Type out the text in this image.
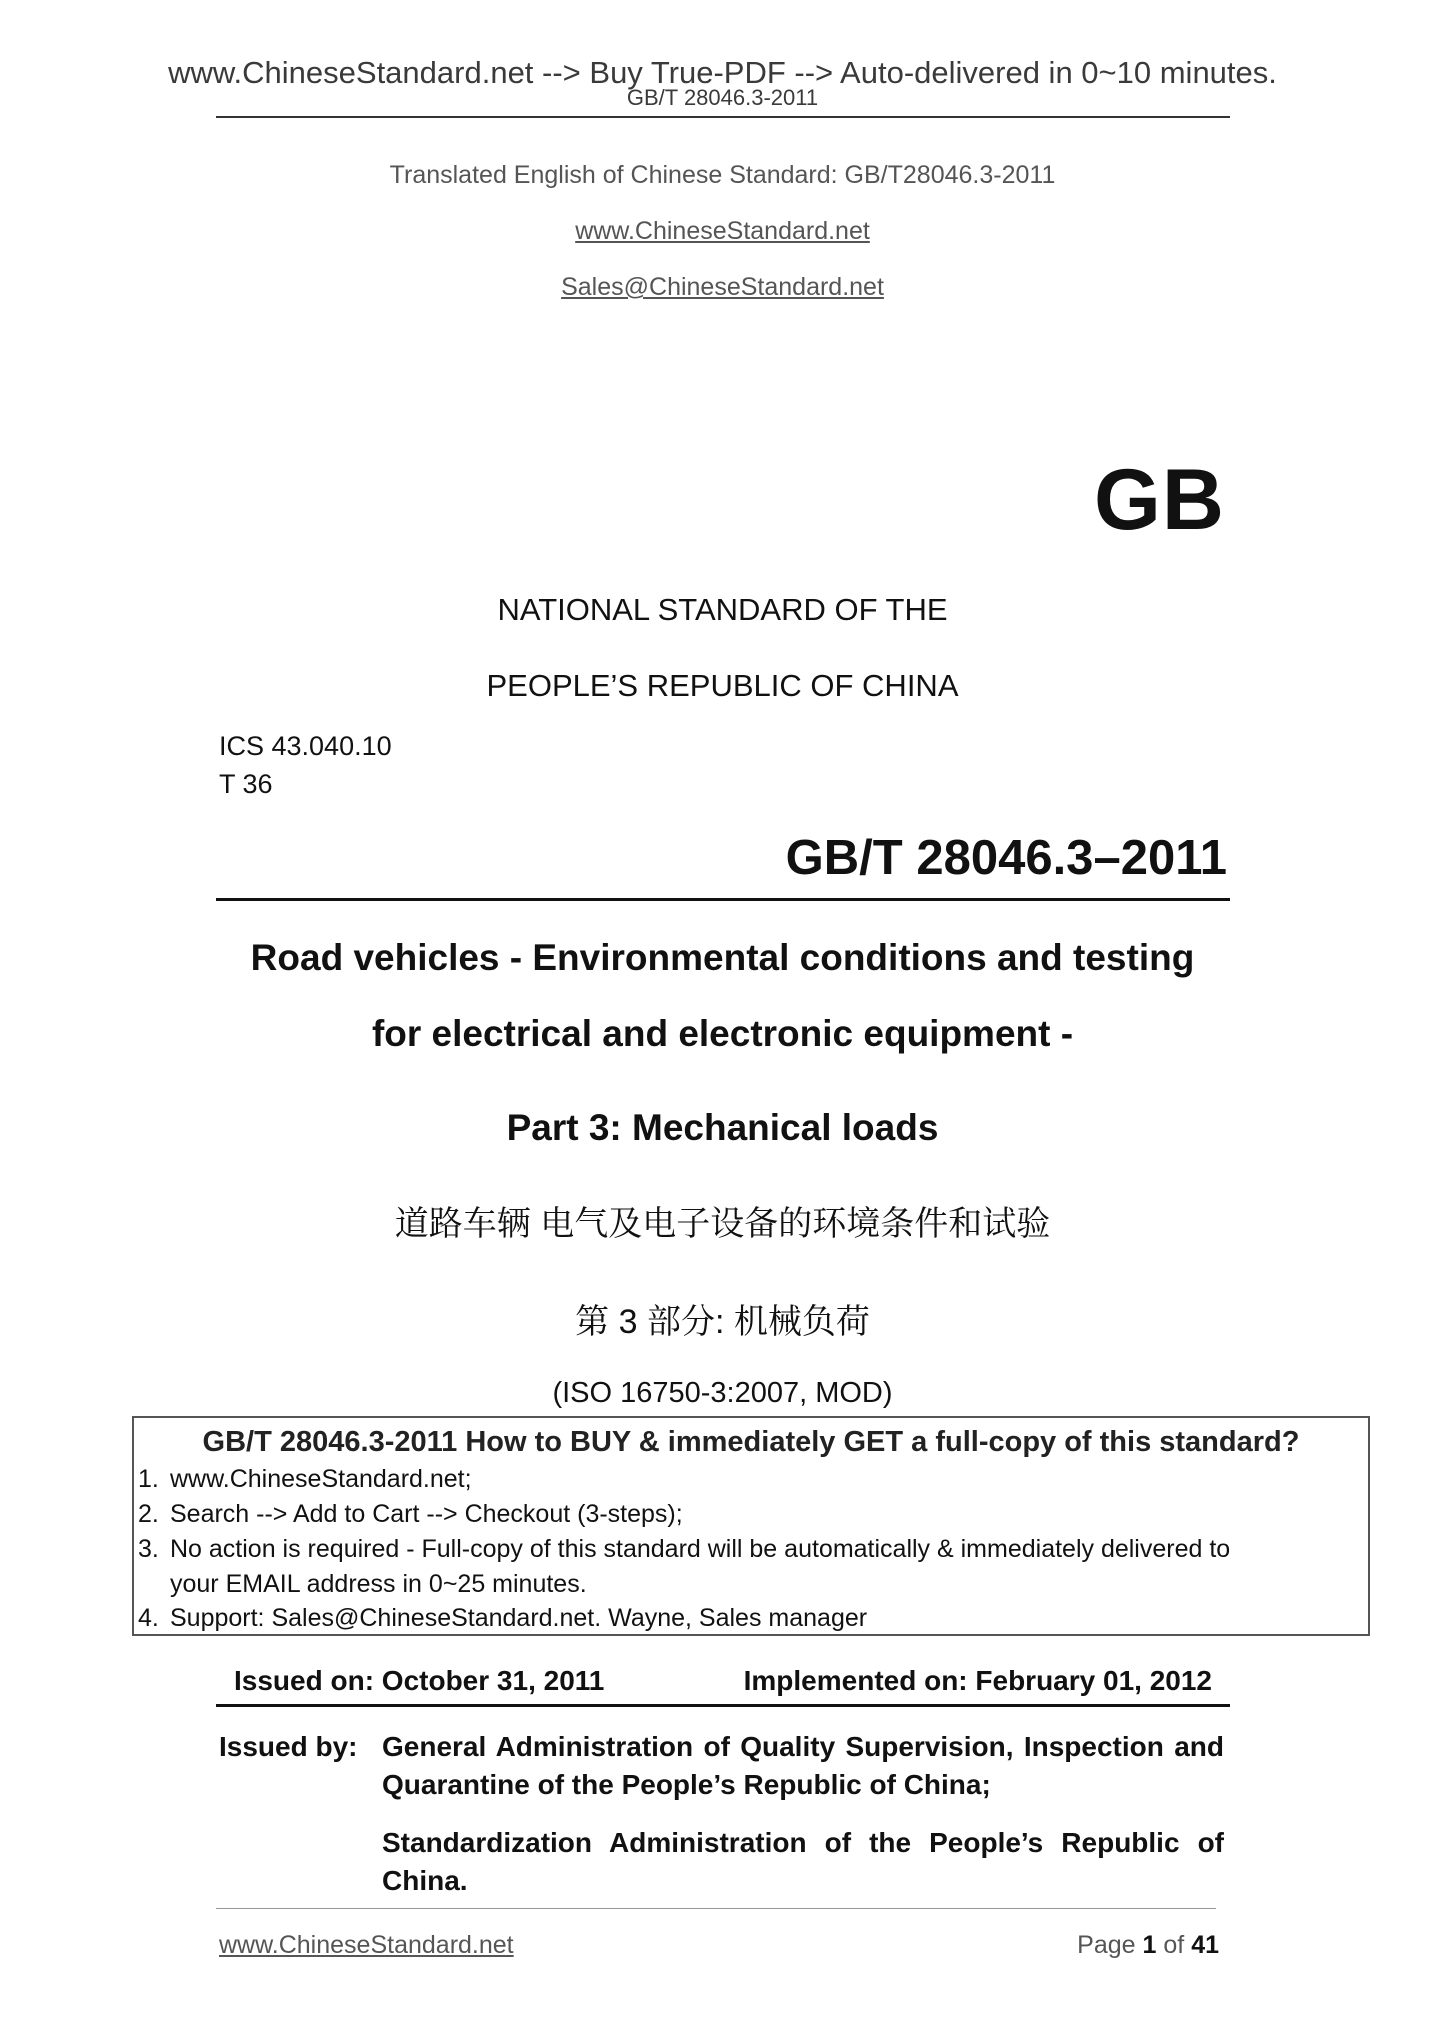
www.ChineseStandard.net --> Buy True-PDF --> Auto-delivered in 0~10 minutes.
GB/T 28046.3-2011
Translated English of Chinese Standard: GB/T28046.3-2011
www.ChineseStandard.net
Sales@ChineseStandard.net
GB
NATIONAL STANDARD OF THE
PEOPLE’S REPUBLIC OF CHINA
ICS 43.040.10
T 36
GB/T 28046.3–2011
Road vehicles - Environmental conditions and testing
for electrical and electronic equipment -
Part 3: Mechanical loads
道路车辆 电气及电子设备的环境条件和试验
第 3 部分: 机械负荷
(ISO 16750-3:2007, MOD)
GB/T 28046.3-2011 How to BUY & immediately GET a full-copy of this standard?
1. www.ChineseStandard.net;
2. Search --> Add to Cart --> Checkout (3-steps);
3. No action is required - Full-copy of this standard will be automatically & immediately delivered to
your EMAIL address in 0~25 minutes.
4. Support: Sales@ChineseStandard.net. Wayne, Sales manager
Issued on: October 31, 2011	Implemented on: February 01, 2012
Issued by: General Administration of Quality Supervision, Inspection and Quarantine of the People’s Republic of China;
Standardization Administration of the People’s Republic of China.
www.ChineseStandard.net	Page 1 of 41
